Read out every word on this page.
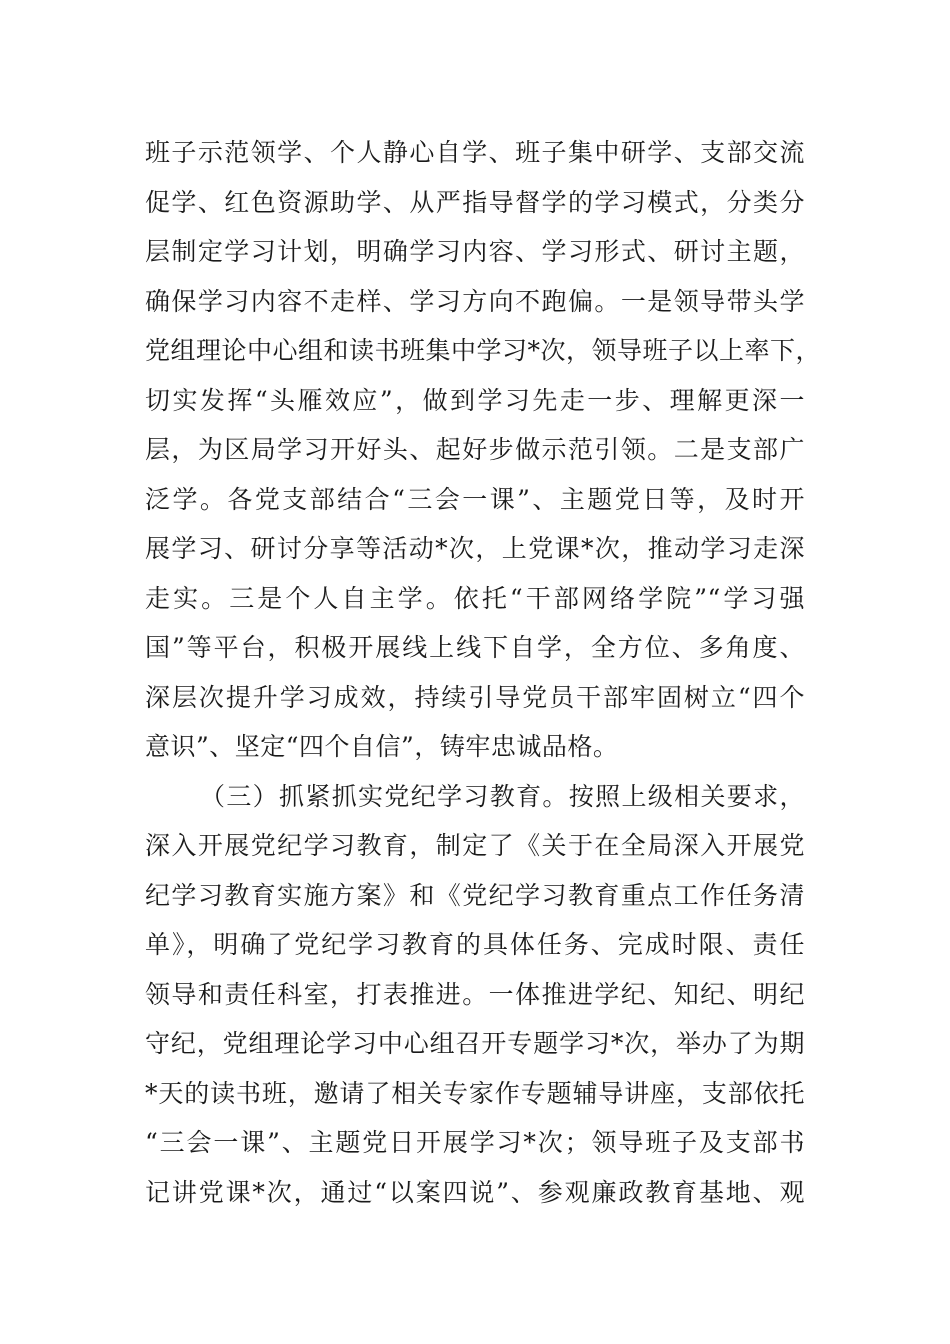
班子示范领学、个人静心自学、班子集中研学、支部交流
促学、红色资源助学、从严指导督学的学习模式，分类分
层制定学习计划，明确学习内容、学习形式、研讨主题，
确保学习内容不走样、学习方向不跑偏。一是领导带头学
党组理论中心组和读书班集中学习*次，领导班子以上率下，
切实发挥“头雁效应”，做到学习先走一步、理解更深一
层，为区局学习开好头、起好步做示范引领。二是支部广
泛学。各党支部结合“三会一课”、主题党日等，及时开
展学习、研讨分享等活动*次，上党课*次，推动学习走深
走实。三是个人自主学。依托“干部网络学院”“学习强
国”等平台，积极开展线上线下自学，全方位、多角度、
深层次提升学习成效，持续引导党员干部牢固树立“四个
意识”、坚定“四个自信”，铸牢忠诚品格。
（三）抓紧抓实党纪学习教育。按照上级相关要求，
深入开展党纪学习教育，制定了《关于在全局深入开展党
纪学习教育实施方案》和《党纪学习教育重点工作任务清
单》，明确了党纪学习教育的具体任务、完成时限、责任
领导和责任科室，打表推进。一体推进学纪、知纪、明纪
守纪，党组理论学习中心组召开专题学习*次，举办了为期
*天的读书班，邀请了相关专家作专题辅导讲座，支部依托
“三会一课”、主题党日开展学习*次；领导班子及支部书
记讲党课*次，通过“以案四说”、参观廉政教育基地、观
